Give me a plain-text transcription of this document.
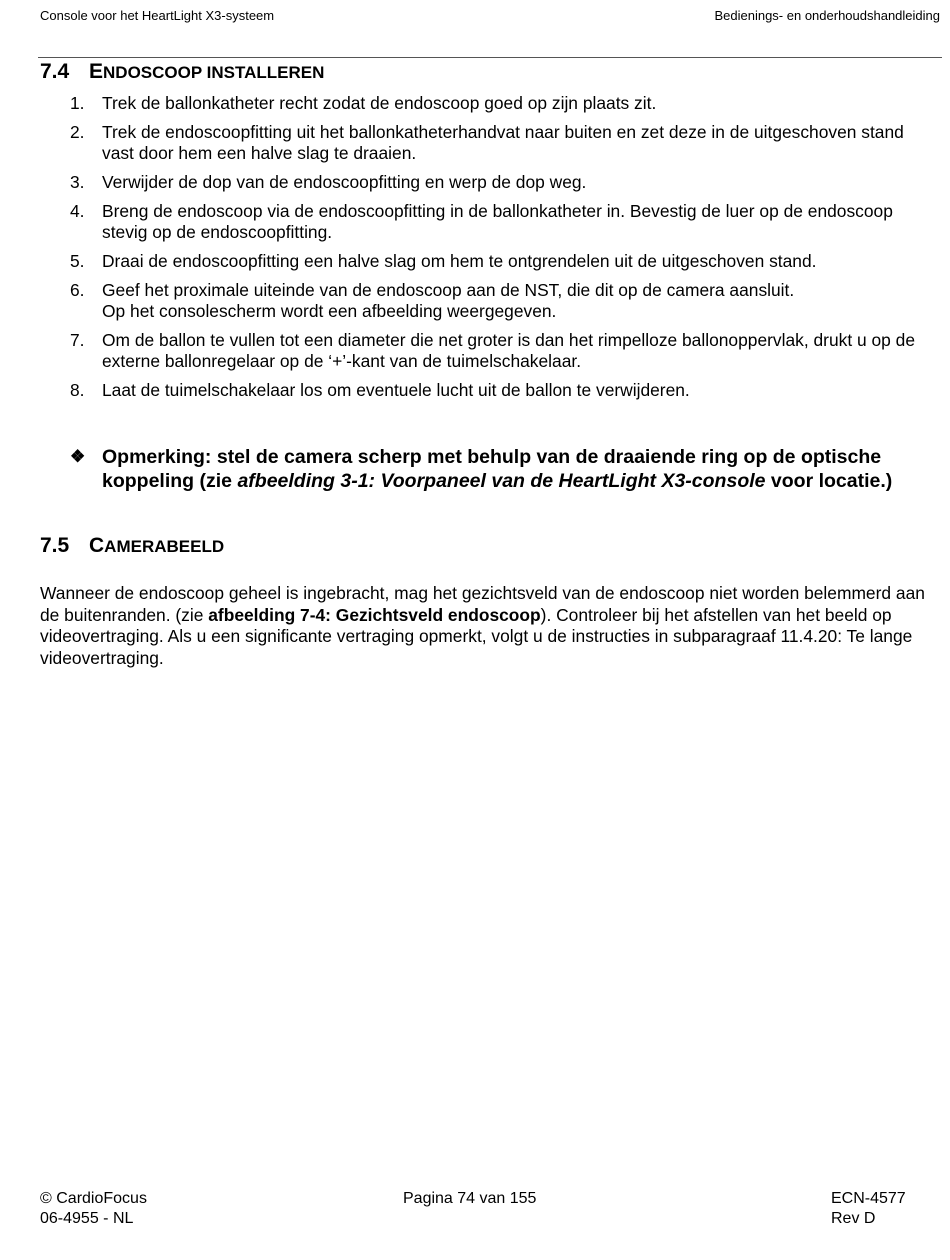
Console voor het HeartLight X3-systeem	Bedienings- en onderhoudshandleiding
7.4 ENDOSCOOP INSTALLEREN
1. Trek de ballonkatheter recht zodat de endoscoop goed op zijn plaats zit.
2. Trek de endoscoopfitting uit het ballonkatheterhandvat naar buiten en zet deze in de uitgeschoven stand vast door hem een halve slag te draaien.
3. Verwijder de dop van de endoscoopfitting en werp de dop weg.
4. Breng de endoscoop via de endoscoopfitting in de ballonkatheter in. Bevestig de luer op de endoscoop stevig op de endoscoopfitting.
5. Draai de endoscoopfitting een halve slag om hem te ontgrendelen uit de uitgeschoven stand.
6. Geef het proximale uiteinde van de endoscoop aan de NST, die dit op de camera aansluit.
Op het consolescherm wordt een afbeelding weergegeven.
7. Om de ballon te vullen tot een diameter die net groter is dan het rimpelloze ballonoppervlak, drukt u op de externe ballonregelaar op de ‘+’-kant van de tuimelschakelaar.
8. Laat de tuimelschakelaar los om eventuele lucht uit de ballon te verwijderen.
❖ Opmerking: stel de camera scherp met behulp van de draaiende ring op de optische koppeling (zie afbeelding 3-1: Voorpaneel van de HeartLight X3-console voor locatie.)
7.5 CAMERABEELD
Wanneer de endoscoop geheel is ingebracht, mag het gezichtsveld van de endoscoop niet worden belemmerd aan de buitenranden. (zie afbeelding 7-4: Gezichtsveld endoscoop). Controleer bij het afstellen van het beeld op videovertraging. Als u een significante vertraging opmerkt, volgt u de instructies in subparagraaf 11.4.20: Te lange videovertraging.
© CardioFocus
06-4955 - NL
Pagina 74 van 155	ECN-4577
Rev D
